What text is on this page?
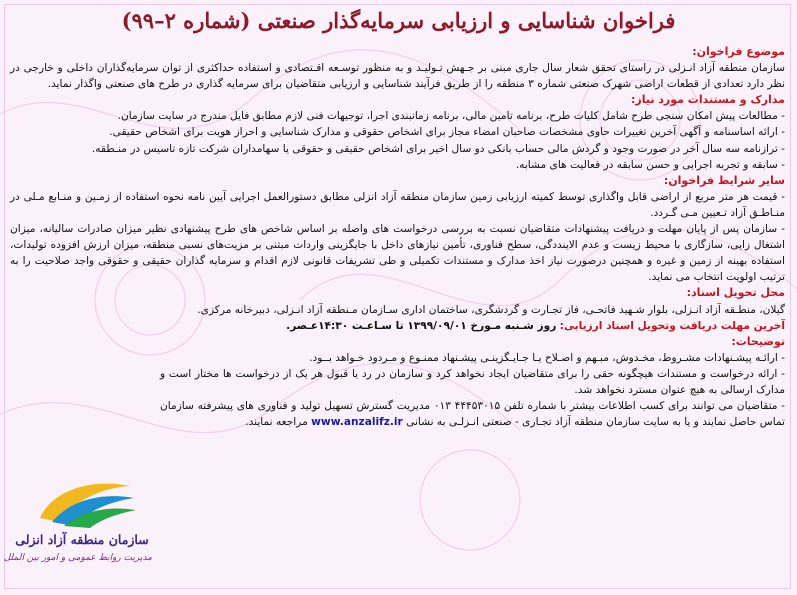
فراخوان شناسایی و ارزیابی سرمایه‌گذار صنعتی (شماره ۲–۹۹)

موضوع فراخوان:

سازمان منطقه آزاد انـزلی در راستای تحقق شعار سال جاری مبنی بر جـهش تـولیـد و به منظور توسـعه اقـتصادی و استفاده حداکثری از توان سرمایه‌گذاران داخلی و خارجی در نظر دارد تعدادی از قطعات اراضی شهرک صنعتی شماره ۳ منطقه را از طریق فرآیند شناسایی و ارزیابی متقاضیان برای سرمایه گذاری در طرح های صنعتی واگذار نماید.

مدارک و مستندات مورد نیاز:

- مطالعات پیش امکان سنجی طرح شامل کلیات طرح، برنامه تامین مالی، برنامه زمانبندی اجرا، توجیهات فنی لازم مطابق فایل مندرج در سایت سازمان.

- ارائه اساسنامه و آگهی آخرین تغییرات حاوی مشخصات صاحبان امضاء مجاز برای اشخاص حقوقی و مدارک شناسایی و احراز هویت برای اشخاص حقیقی.

- ترازنامه سه سال آخر در صورت وجود و گردش مالی حساب بانکی دو سال اخیر برای اشخاص حقیقی و حقوقی یا سهامداران شرکت تازه تاسیس در منـطقه.

- سابقه و تجربه اجرایی و حسن سابقه در فعالیت های مشابه.

سایر شرایط فراخوان:

- قیمت هر متر مربع از اراضی قابل واگذاری توسط کمیته ارزیابی زمین سازمان منطقه آزاد انزلی مطابق دستورالعمل اجرایی آیین نامه نحوه استفاده از زمـین و منـابع مـلی در منـاطـق آزاد تـعیین مـی گـردد.

- سازمان پس از پایان مهلت و دریافت پیشنهادات متقاضیان نسبت به بررسی درخواست های واصله بر اساس شاخص های طرح پیشنهادی نظیر میزان صادرات سالیانه، میزان اشتغال زایی، سازگاری با محیط زیست و عدم الاینددگی، سطح فناوری، تأمین نیازهای داخل با جایگزینی واردات مبتنی بر مزیت‌های نسبی منطقه، میزان ارزش افزوده تولیدات، استفاده بهینه از زمین و غیره و همچنین درصورت نیاز اخذ مدارک و مستندات تکمیلی و طی تشریفات قانونی لازم اقدام و سرمایه گذاران حقیقی و حقوقی واجد صلاحیت را به ترتیب اولویت انتخاب می نماید.

محل تحویل اسناد:

گیلان، منطـقه آزاد انـزلی، بلوار شـهید فاتحـی، فاز تجـارت و گردشگری، ساختمان اداری سـازمان مـنطقه آزاد انـزلی، دبیرخانه مرکزی.

آخرین مهلت دریافت وتحویل اسناد ارزیابی: روز شـنبه مـورخ ۱۳۹۹/۰۹/۰۱ تا سـاعـت ۱۴:۳۰عـصر.

توضیحات:

- ارائـه پیشـنهادات مشـروط، مخـدوش، مبـهم و اصـلاح یـا جـایـگزینـی پیشـنهاد ممنـوع و مـردود خـواهد بــود.

- ارائه درخواست و مستندات هیچگونه حقی را برای متقاضیان ایجاد نخواهد کرد و سازمان در رد یا قبول هر یک از درخواست ها مختار است و مدارک ارسالی به هیچ عنوان مسترد نخواهد شد.

- متقاضیان می توانند برای کسب اطلاعات بیشتر با شماره تلفن ۴۴۴۵۳۰۱۵ ۰۱۳ مدیریت گسترش تسهیل تولید و فناوری های پیشرفته سازمان تماس حاصل نمایند و یا به سایت سازمان منطقه آزاد تجـاری - صنعتی انـزلـی به نشانی www.anzalifz.ir مراجعه نمایند.

سازمان منطقه آزاد انزلی
مدیریت روابط عمومی و امور بین الملل
